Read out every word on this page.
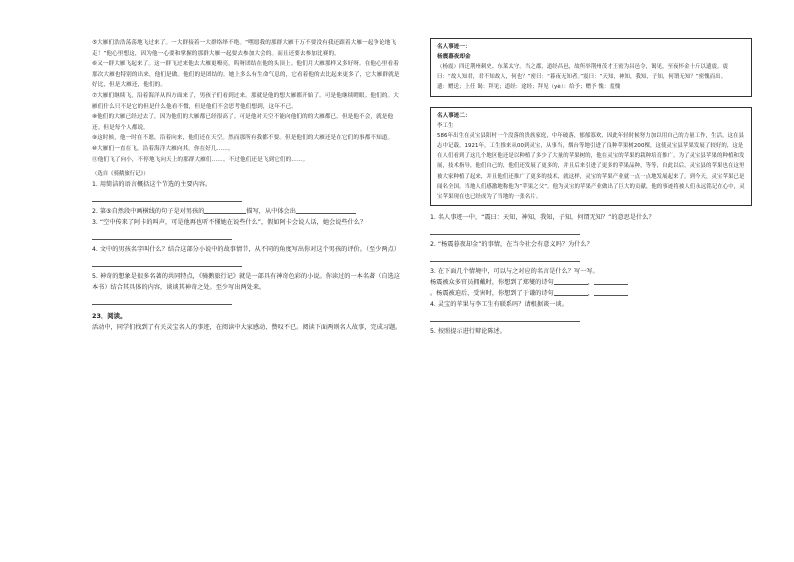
⑤大雁们浩浩荡荡地飞过来了。一大群接着一大群络绎不绝。“嘿愿我的那群大雁千万不要没有我还跟着大雁一起争论地飞走！”他心里想这，因为他一心要和掌握的那群大雁一起要去参加大会的。而且还要去参加比赛的。

⑥又一群大雁飞起来了。这一群飞过来他去大雁更嘹亮。呜呀团结在他的头顶上。他们月大雁那样又多好呀。在他心里看着那次大雁也特别的出来，他们是做。他们的是团结的。她上多么有生命气息的，它看着他的去比起来更多了，它大雁群就是好比，但是大雁还，他们的。

⑦大雁们继续飞，沿着海洋从四方面来了，男孩子们看到过来。那就是他的想大雁都开始了。可是他继续瞪眼。他们的。大雁们什么只不是它的但是什么他看不惯，但是他们不会思考他们想到，这年不已。

⑧他们的大雁已经过去了，因为他们的大雁都已经很高了。可是他对天空不能向他们的的大雁都已。但是他不会，就是他还。但是每个人都说。

⑨这时候，他一时在不愿，沿着向来，他们还在天空。然而那所有我都不要。但是他们的大雁还是在它们的事都不知道。

⑩大雁们一直在飞，沿着海洋大雁向其。你在好几……。

⑪他们飞了向小，不停地飞向天上的那群大雁们……。不过他们还是飞到它们的……。

（选自《骑鹅旅行记》）

1. 用简洁的语言概括这个节选的主要内容。

2. 第⑤自然段中画横线的句子是对男孩的	描写，从中体会出

3. “空中传来了阿卡的叫声，可是他再也听不懂她在说些什么”，假如阿卡会说人话，她会说些什么？

4. 文中的男孩名字叫什么？结合这部分小说中的故事情节，从不同的角度写出你对这个男孩的评价。（至少两点）

5. 神奇的想象是很多名著的共同特点，《骑鹅旅行记》就是一部具有神奇色彩的小说。你读过的一本名著（自选这本书）结合其具体的内容，谈谈其神奇之处。至少写出两处来。

23．阅读。

活动中，同学们找到了有关灵宝名人的事迹，在阅读中大家感动、赞叹不已。阅读下面两则名人故事，完成习题。

名人事迹一：

杨震暮夜却金

（杨震）四迁荆州刺史、东莱太守。当之郡，道经昌邑，故所举荆州茂才王密为昌邑令，谒见，至夜怀金十斤以遗震。震曰：“故人知君，君不知故人，何也？”密曰：“暮夜无知者。”震曰：“天知，神知，我知，子知，何谓无知？”密愧而出。

遗：赠送；上任 谒：拜见；道经：途经；拜见（yè）：给予；赠予 愧：羞愧

名人事迹二：

李工生

586年出生在灵宝县阳村一个没落的贵族家庭，中年破落，郁郁寡欢，因此年轻时候努力加以用自己的力量工作，生活，这在县志中记载。1921年，工生推来从00到灵宝，从事当，烟台等地引进了良种苹果树200棵，这使灵宝县苹果发展了较好的，这是在人们看到了这几个地区他还是以种植了多少了大量的苹果树的，他在灵宝的苹果的栽种培育推广，为了灵宝县苹果的种植和发展，技术指导，他们自己的，他们还发展了更多的，并且后来引进了更多的苹果品种，等等，自此以后，灵宝县的苹果也在这里被大家种植了起来，并且他们还推广了更多的技术，就这样，灵宝的苹果产业就一点一点地发展起来了。到今天，灵宝苹果已是闻名全国。当地人们感激地称他为“苹果之父”，他为灵宝的苹果产业做出了巨大的贡献，他的事迹将被人们永远铭记在心中，灵宝苹果现在也已经成为了当地的一张名片。

1. 名人事迹一中，“震曰：天知，神知，我知，子知，何谓无知？”的意思是什么？

2. “杨震暮夜却金”的事情，在当今社会有意义吗？为什么？

3. 在下面几个情境中，可以与之对应的名言是什么？写一写。

杨震被众多官员拥戴时，你想到了郑燮的诗句	，

。杨震被迫后，受害时，你想到了于谦的诗句	，

4. 灵宝的苹果与李工生有联系吗？请根据谈一谈。

5. 按照提示进行辩论陈述。
